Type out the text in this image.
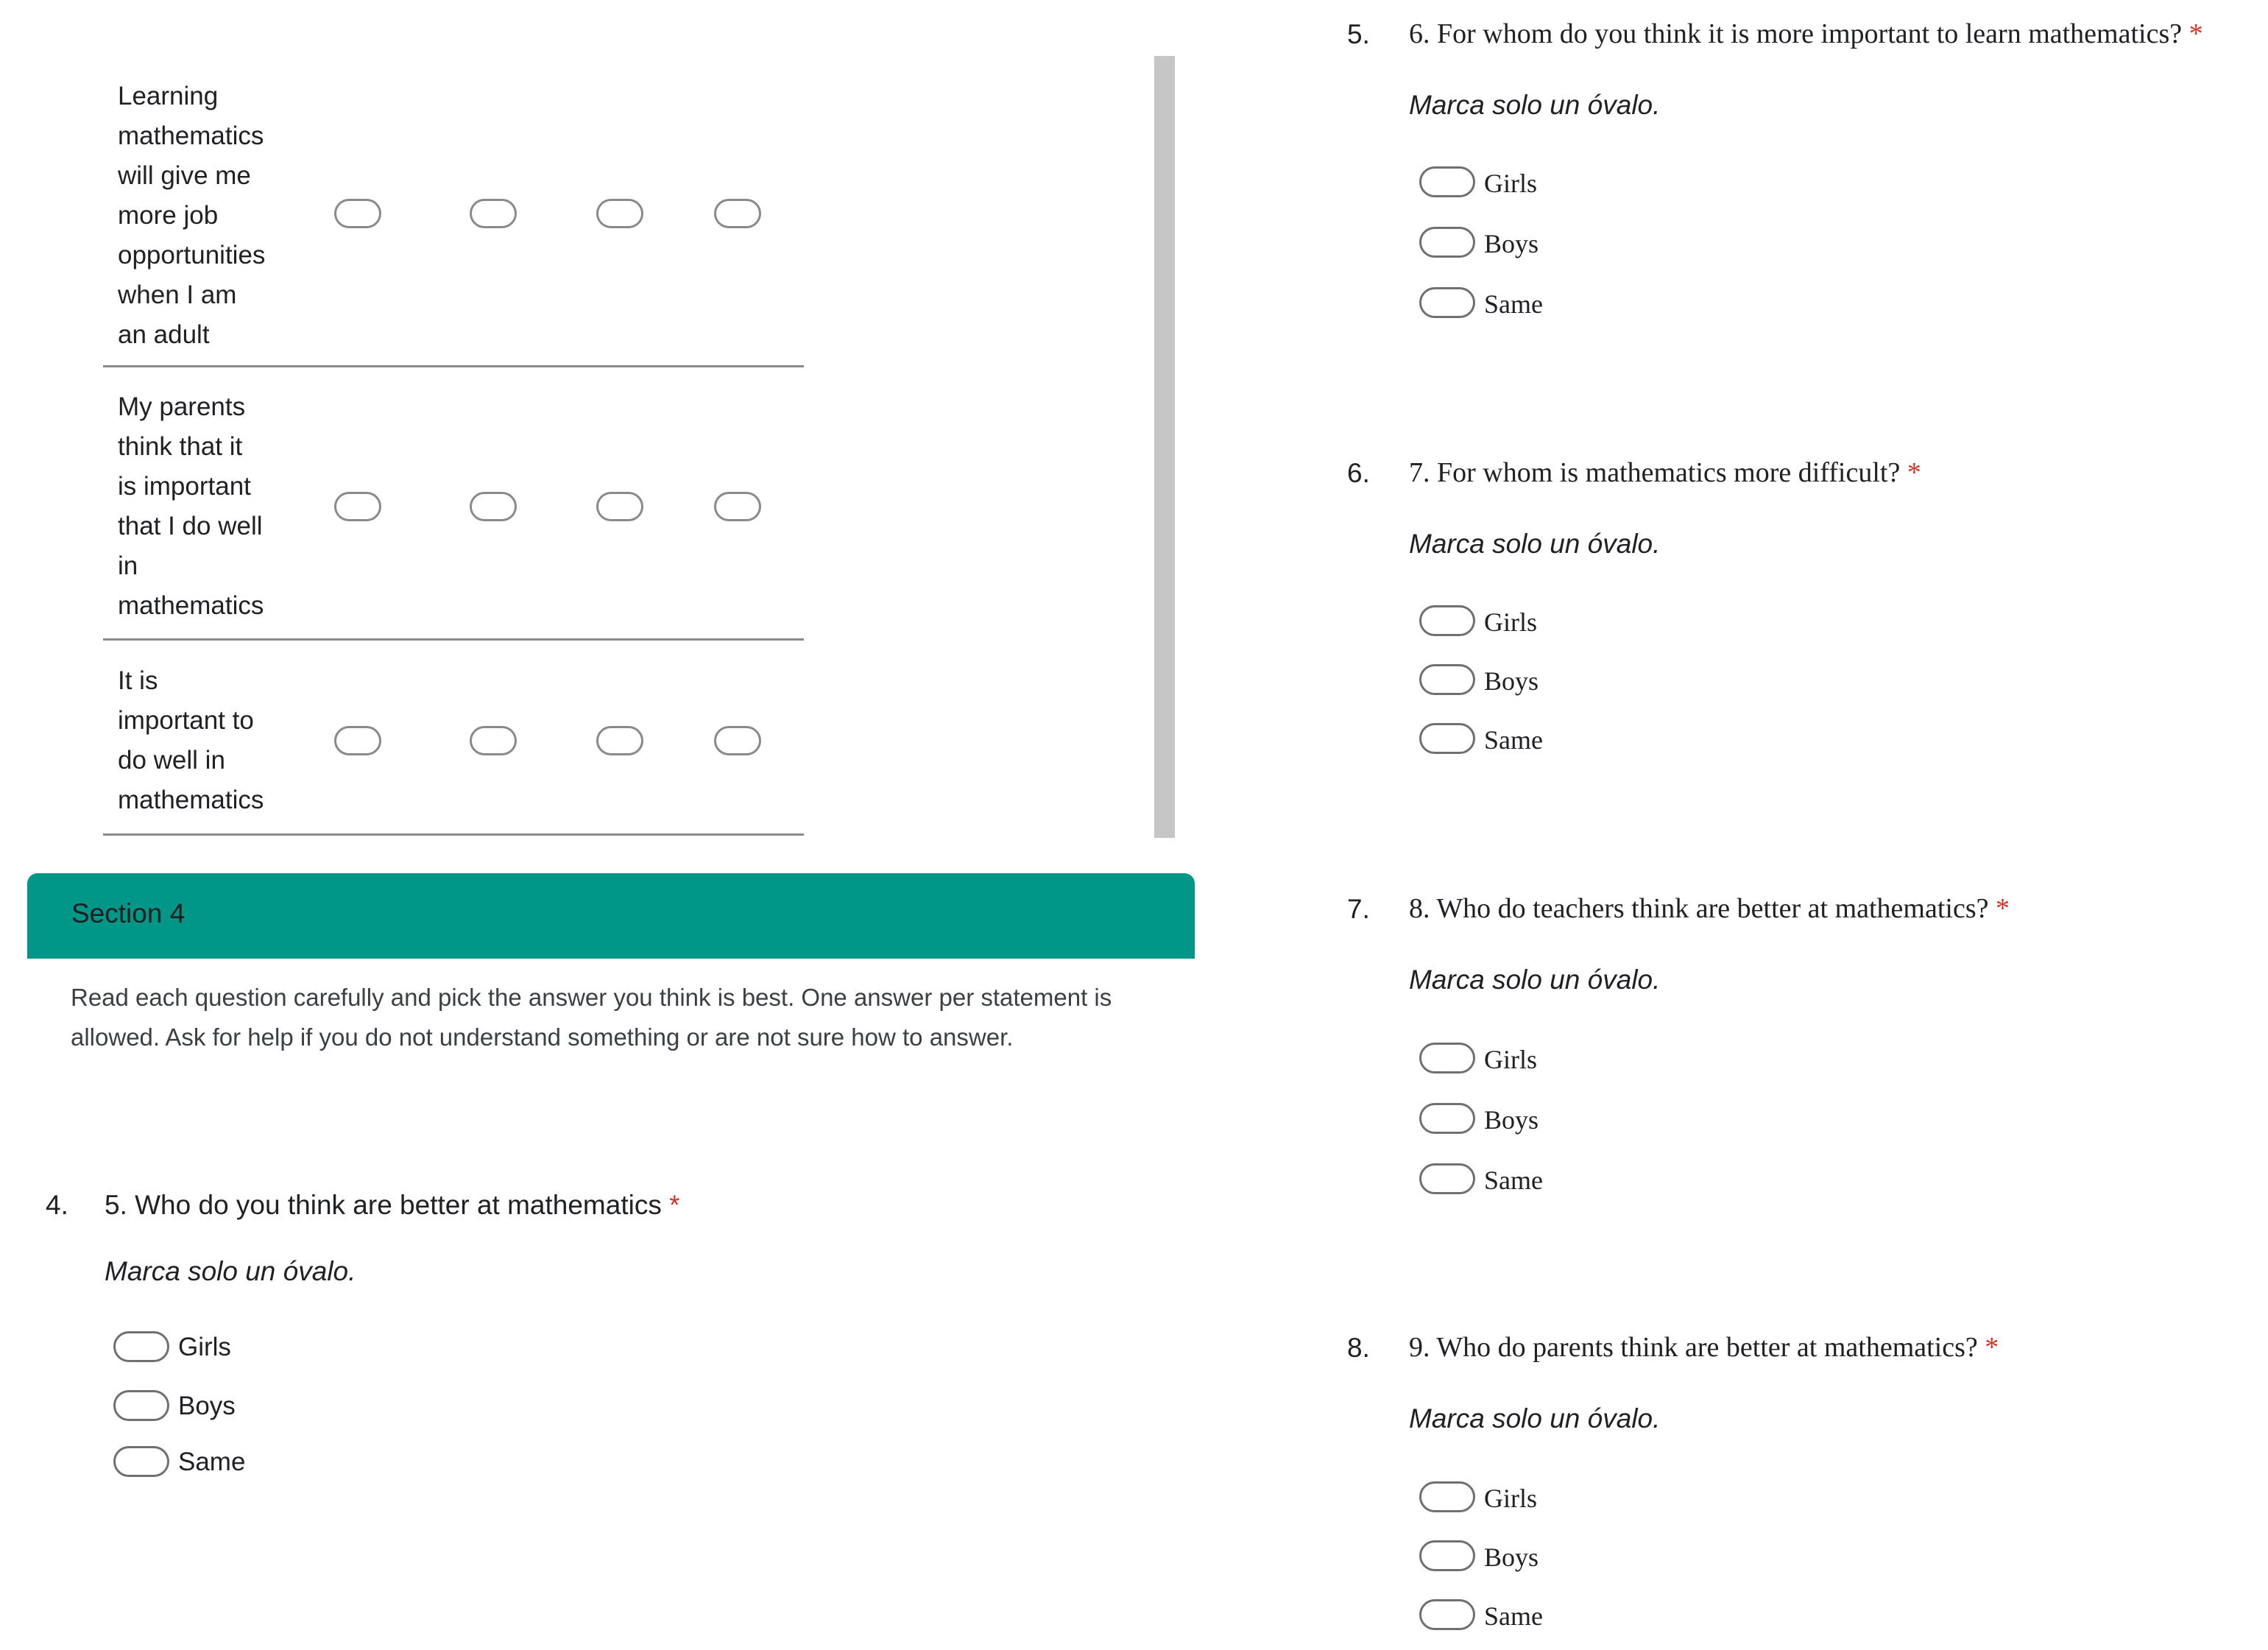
Learning
mathematics
will give me
more job
opportunities
when I am
an adult
My parents
think that it
is important
that I do well
in
mathematics
It is
important to
do well in
mathematics
Section 4
Read each question carefully and pick the answer you think is best. One answer per statement is allowed. Ask for help if you do not understand something or are not sure how to answer.
4. 5. Who do you think are better at mathematics *
Marca solo un óvalo.
Girls
Boys
Same
5. 6. For whom do you think it is more important to learn mathematics? *
Marca solo un óvalo.
Girls
Boys
Same
6. 7. For whom is mathematics more difficult? *
Marca solo un óvalo.
Girls
Boys
Same
7. 8. Who do teachers think are better at mathematics? *
Marca solo un óvalo.
Girls
Boys
Same
8. 9. Who do parents think are better at mathematics? *
Marca solo un óvalo.
Girls
Boys
Same
